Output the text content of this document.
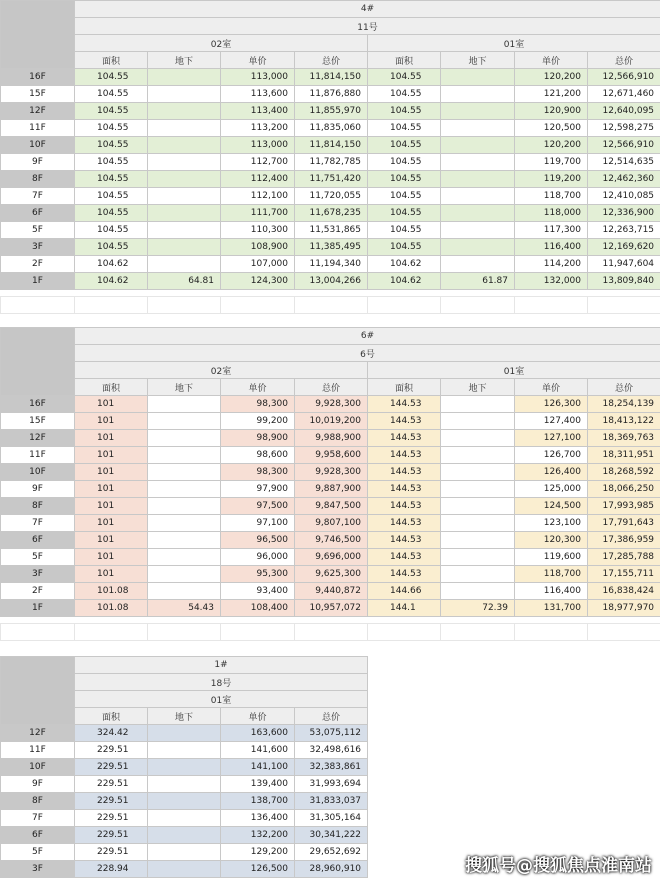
	4#							
	11号							
	02室				01室			
	面积	地下	单价	总价	面积	地下	单价	总价
16F	104.55		113,000	11,814,150	104.55		120,200	12,566,910
15F	104.55		113,600	11,876,880	104.55		121,200	12,671,460
12F	104.55		113,400	11,855,970	104.55		120,900	12,640,095
11F	104.55		113,200	11,835,060	104.55		120,500	12,598,275
10F	104.55		113,000	11,814,150	104.55		120,200	12,566,910
9F	104.55		112,700	11,782,785	104.55		119,700	12,514,635
8F	104.55		112,400	11,751,420	104.55		119,200	12,462,360
7F	104.55		112,100	11,720,055	104.55		118,700	12,410,085
6F	104.55		111,700	11,678,235	104.55		118,000	12,336,900
5F	104.55		110,300	11,531,865	104.55		117,300	12,263,715
3F	104.55		108,900	11,385,495	104.55		116,400	12,169,620
2F	104.62		107,000	11,194,340	104.62		114,200	11,947,604
1F	104.62	64.81	124,300	13,004,266	104.62	61.87	132,000	13,809,840

	6#							
	6号							
	02室				01室			
	面积	地下	单价	总价	面积	地下	单价	总价
16F	101		98,300	9,928,300	144.53		126,300	18,254,139
15F	101		99,200	10,019,200	144.53		127,400	18,413,122
12F	101		98,900	9,988,900	144.53		127,100	18,369,763
11F	101		98,600	9,958,600	144.53		126,700	18,311,951
10F	101		98,300	9,928,300	144.53		126,400	18,268,592
9F	101		97,900	9,887,900	144.53		125,000	18,066,250
8F	101		97,500	9,847,500	144.53		124,500	17,993,985
7F	101		97,100	9,807,100	144.53		123,100	17,791,643
6F	101		96,500	9,746,500	144.53		120,300	17,386,959
5F	101		96,000	9,696,000	144.53		119,600	17,285,788
3F	101		95,300	9,625,300	144.53		118,700	17,155,711
2F	101.08		93,400	9,440,872	144.66		116,400	16,838,424
1F	101.08	54.43	108,400	10,957,072	144.1	72.39	131,700	18,977,970

	1#			
	18号			
	01室			
	面积	地下	单价	总价
12F	324.42		163,600	53,075,112
11F	229.51		141,600	32,498,616
10F	229.51		141,100	32,383,861
9F	229.51		139,400	31,993,694
8F	229.51		138,700	31,833,037
7F	229.51		136,400	31,305,164
6F	229.51		132,200	30,341,222
5F	229.51		129,200	29,652,692
3F	228.94		126,500	28,960,910	搜狐号@搜狐焦点淮南站
